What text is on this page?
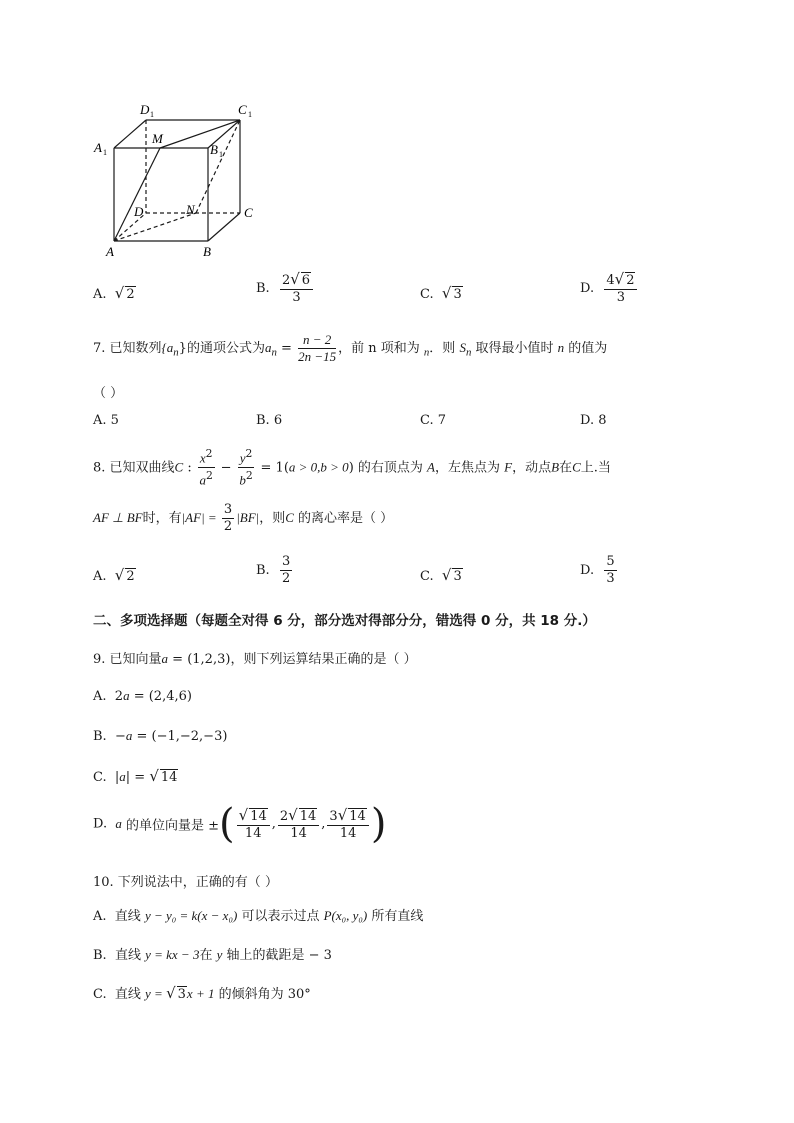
D 1	C 1
A 1
M
B 1
D	N	C
A	B
A. √ 2	B. $\frac{2√ 6}{3}$	C. √ 3	D. $\frac{4√ 2}{3}$
7. 已知数列$\{a_n\}$的通项公式为$a_n = \frac{n - 2}{2n -15}$ ，前 n 项和为 $_n$．则 $S_n$ 取得最小值时 n 的值为
（ ）
A. 5	B. 6	C. 7	D. 8
8. 已知双曲线C : $\frac{x^2}{a^2} - \frac{y^2}{b^2} = 1(a > 0,b > 0)$ 的右顶点为 A，左焦点为 F，动点B在C上.当
AF ⊥ BF时，有$|AF| = \frac{3}{2} |BF|$，则C 的离心率是（ ）
A. √ 2	B. $\frac{3}{2}$	C. √ 3	D. $\frac{5}{3}$
二、多项选择题（每题全对得 6 分，部分选对得部分分，错选得 0 分，共 18 分.）
9. 已知向量a = (1,2,3)，则下列运算结果正确的是（ ）
A. 2a = (2,4,6)
B. −a = (−1,−2,−3)
C.  |a| = √ 14
D. a 的单位向量是 ±( $\frac{√ 14}{14}$ , $\frac{2√ 14}{14}$ , $\frac{3√ 14}{14}$ )
10. 下列说法中，正确的有（ ）
A. 直线 y − y₀ = k(x − x₀) 可以表示过点 P(x₀, y₀) 所有直线
B. 直线 y = kx − 3在 y 轴上的截距是 − 3
C. 直线 y = √ 3x + 1 的倾斜角为 30°
